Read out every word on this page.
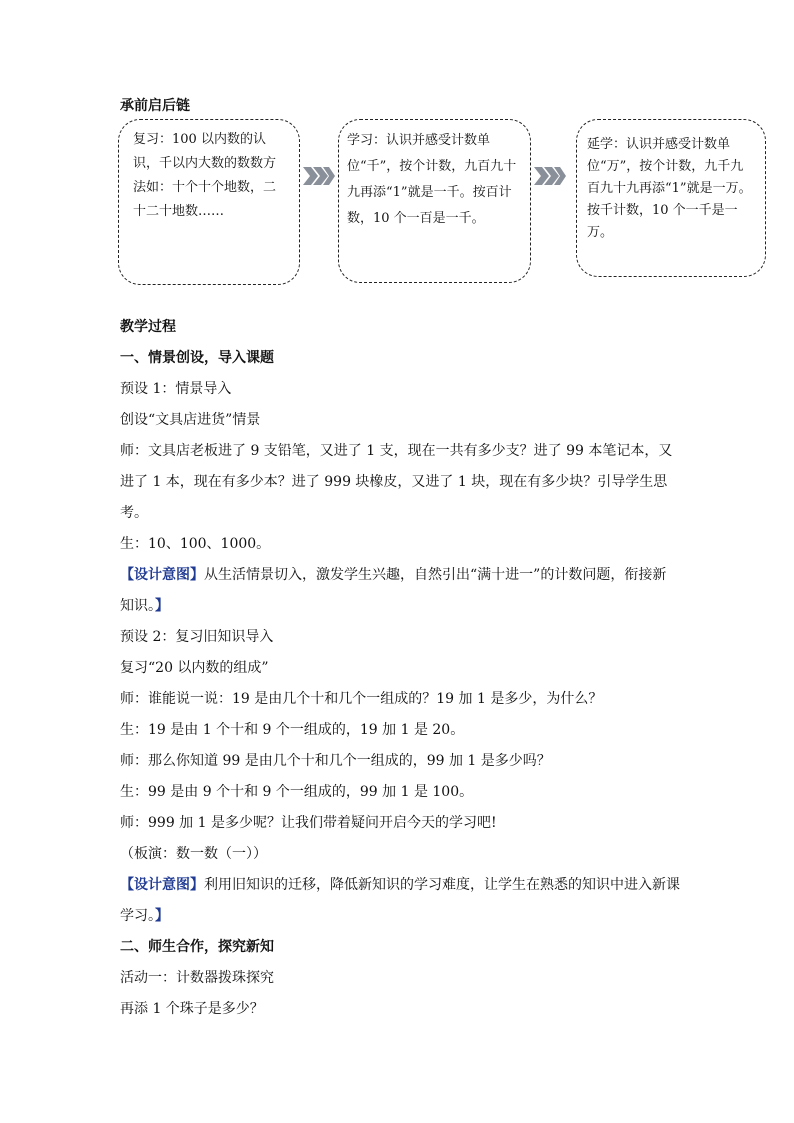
承前启后链
复习：100 以内数的认识，千以内大数的数数方法如：十个十个地数，二十二十地数……
学习：认识并感受计数单位“千”，按个计数，九百九十九再添“1”就是一千。按百计数，10 个一百是一千。
延学：认识并感受计数单位“万”，按个计数，九千九百九十九再添“1”就是一万。按千计数，10 个一千是一万。

教学过程

一、情景创设，导入课题

预设 1：情景导入

创设“文具店进货”情景

师：文具店老板进了 9 支铅笔，又进了 1 支，现在一共有多少支？进了 99 本笔记本，又进了 1 本，现在有多少本？进了 999 块橡皮，又进了 1 块，现在有多少块？引导学生思考。

生：10、100、1000。

【设计意图】从生活情景切入，激发学生兴趣，自然引出“满十进一”的计数问题，衔接新知识。】

预设 2：复习旧知识导入

复习“20 以内数的组成”

师：谁能说一说：19 是由几个十和几个一组成的？19 加 1 是多少，为什么？

生：19 是由 1 个十和 9 个一组成的，19 加 1 是 20。

师：那么你知道 99 是由几个十和几个一组成的，99 加 1 是多少吗？

生：99 是由 9 个十和 9 个一组成的，99 加 1 是 100。

师：999 加 1 是多少呢？让我们带着疑问开启今天的学习吧!

（板演：数一数（一））

【设计意图】利用旧知识的迁移，降低新知识的学习难度，让学生在熟悉的知识中进入新课学习。】

二、师生合作，探究新知

活动一：计数器拨珠探究

再添 1 个珠子是多少？
